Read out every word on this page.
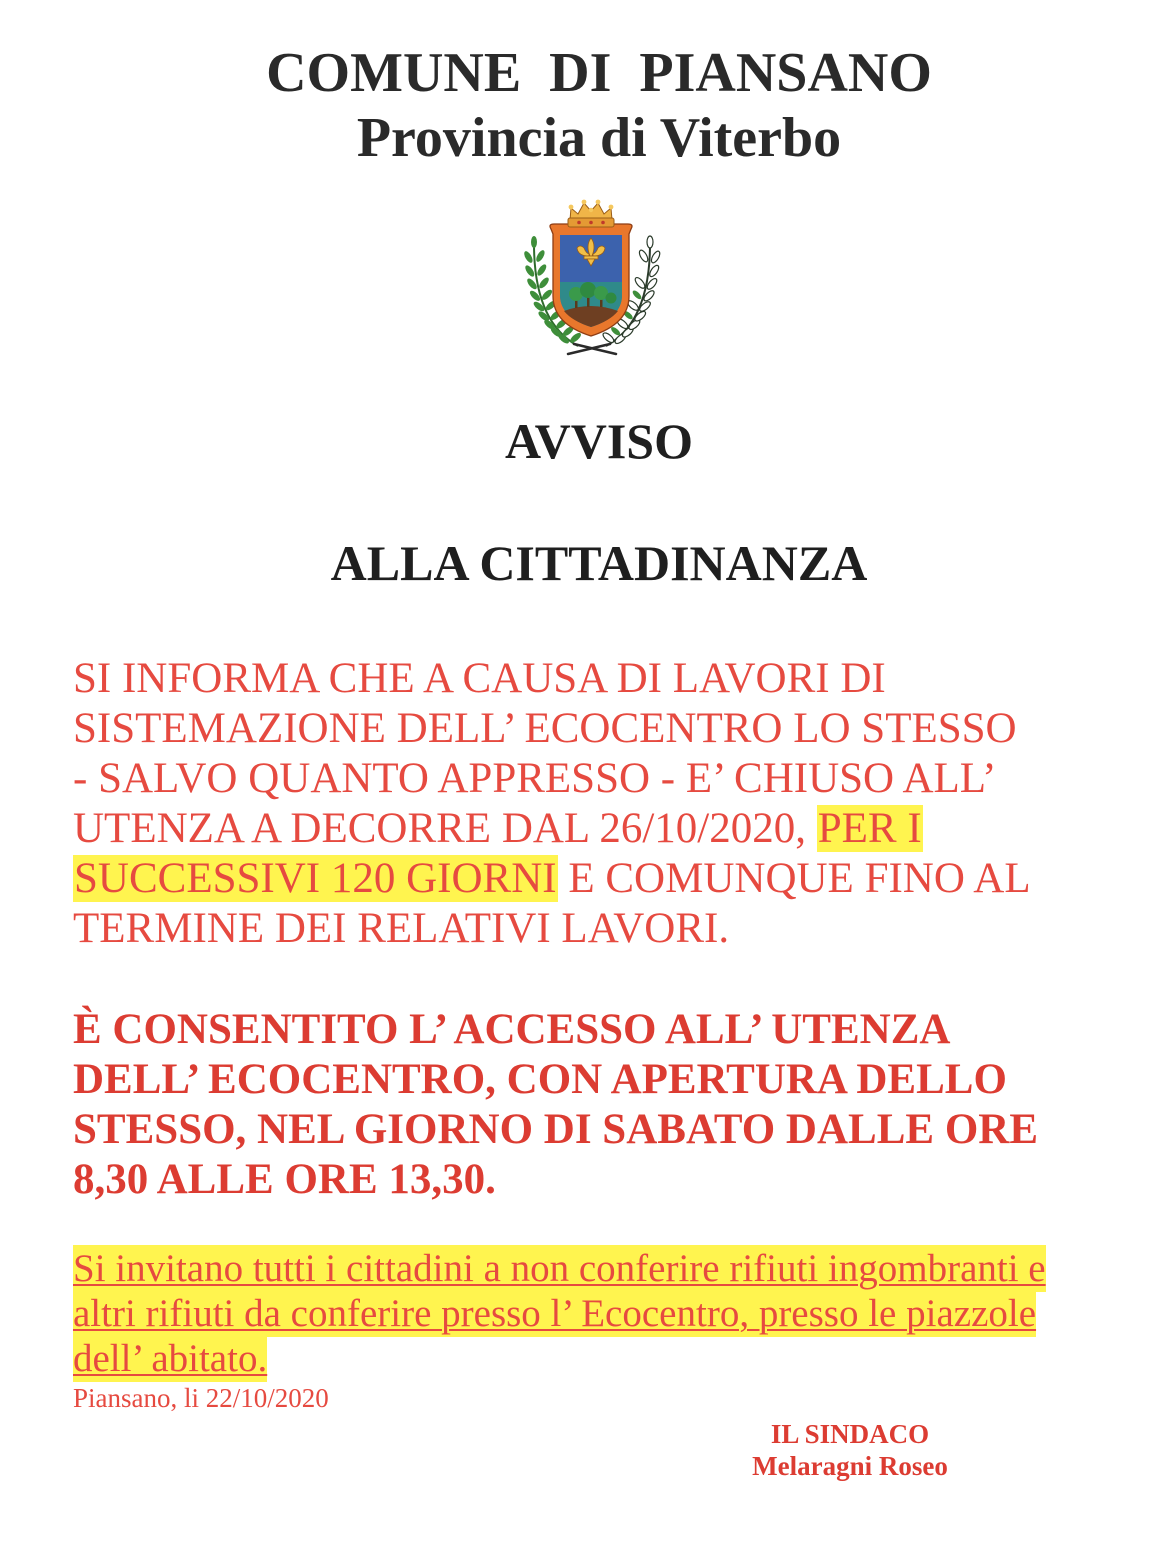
COMUNE  DI  PIANSANO
Provincia di Viterbo
AVVISO
ALLA CITTADINANZA
SI INFORMA CHE A CAUSA DI LAVORI DI
SISTEMAZIONE DELL’ ECOCENTRO LO STESSO
- SALVO QUANTO APPRESSO - E’ CHIUSO ALL’
UTENZA A DECORRE DAL 26/10/2020, PER I
SUCCESSIVI 120 GIORNI E COMUNQUE FINO AL
TERMINE DEI RELATIVI LAVORI.
È CONSENTITO L’ ACCESSO ALL’ UTENZA
DELL’ ECOCENTRO, CON APERTURA DELLO
STESSO, NEL GIORNO DI SABATO DALLE ORE
8,30 ALLE ORE 13,30.
Si invitano tutti i cittadini a non conferire rifiuti ingombranti e
altri rifiuti da conferire presso l’ Ecocentro, presso le piazzole
dell’ abitato.
Piansano, li 22/10/2020
IL SINDACO
Melaragni Roseo
